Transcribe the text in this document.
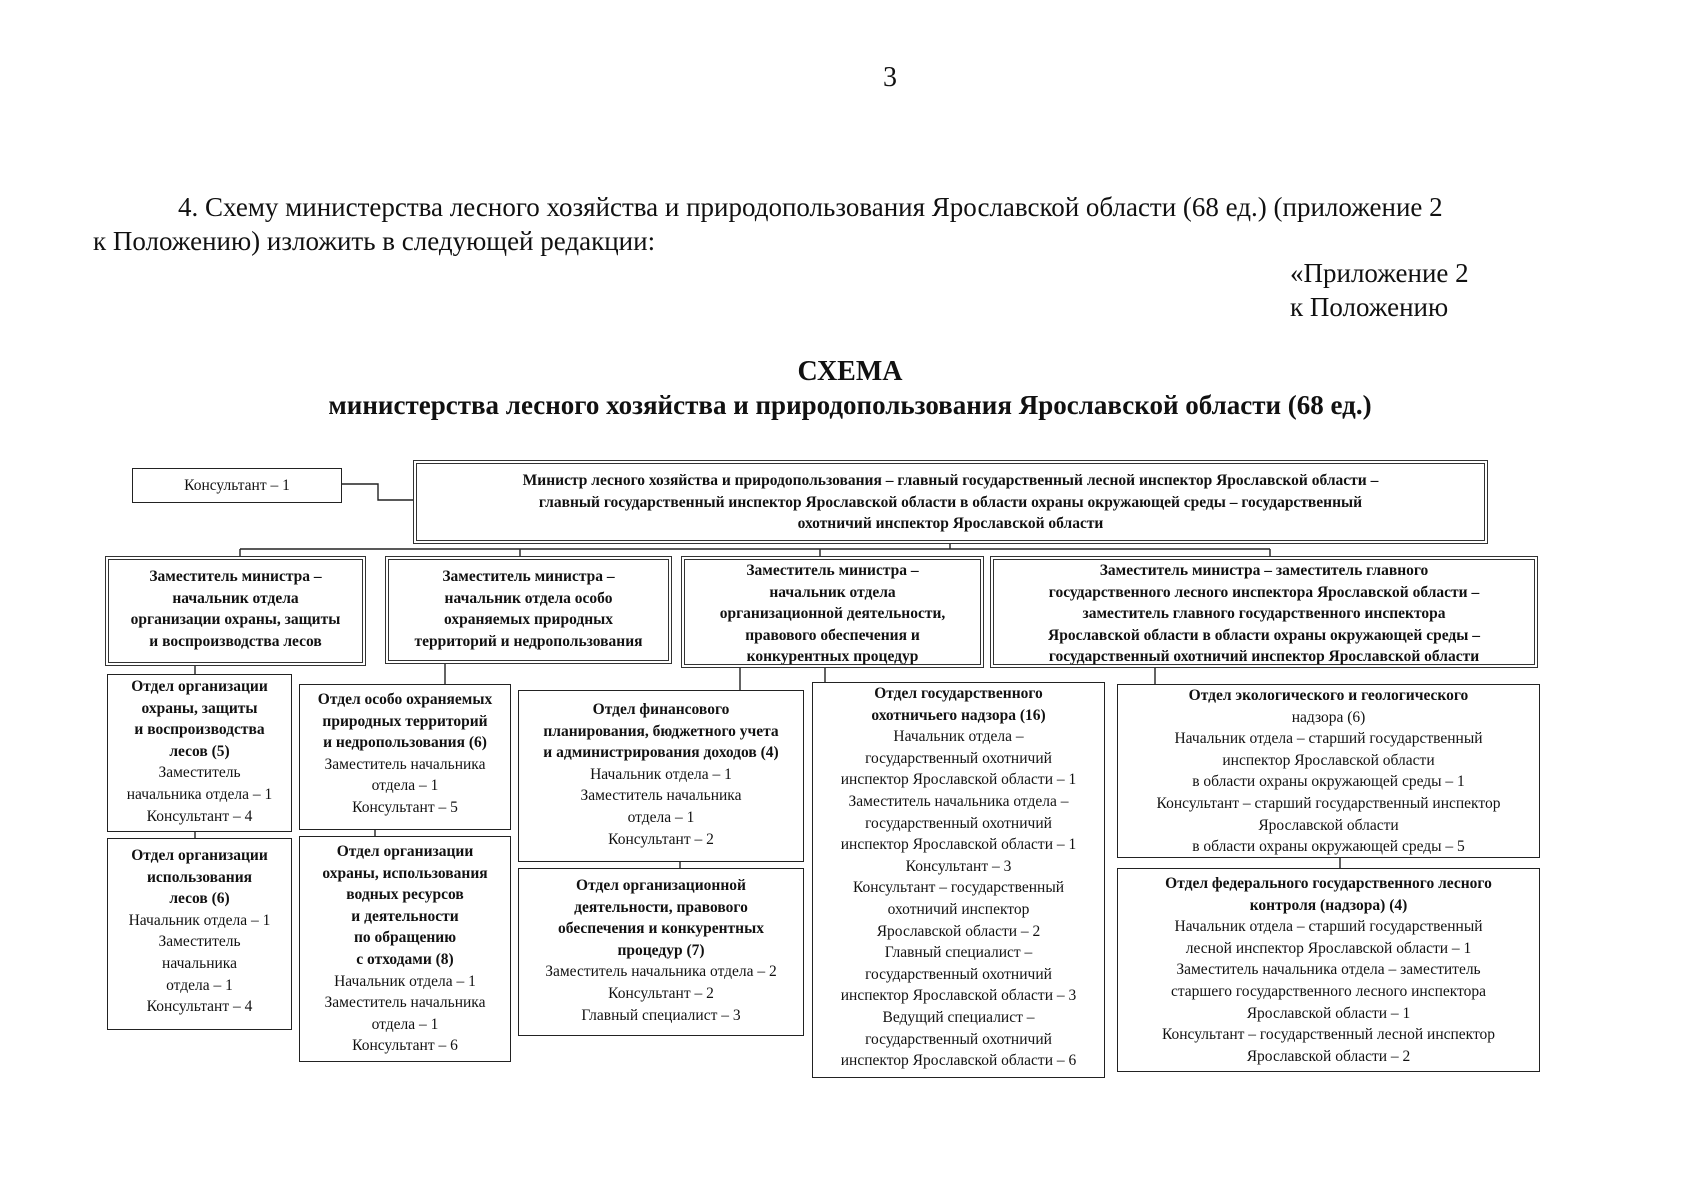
3
4. Схему министерства лесного хозяйства и природопользования Ярославской области (68 ед.) (приложение 2
к Положению) изложить в следующей редакции:
«Приложение 2
к Положению
СХЕМА
министерства лесного хозяйства и природопользования Ярославской области (68 ед.)
Консультант – 1	Министр лесного хозяйства и природопользования – главный государственный лесной инспектор Ярославской области –
главный государственный инспектор Ярославской области в области охраны окружающей среды – государственный
охотничий инспектор Ярославской области
Заместитель министра –
начальник отдела
организации охраны, защиты
и воспроизводства лесов
Заместитель министра –
начальник отдела особо
охраняемых природных
территорий и недропользования
Заместитель министра –
начальник отдела
организационной деятельности,
правового обеспечения и
конкурентных процедур
Заместитель министра – заместитель главного
государственного лесного инспектора Ярославской области –
заместитель главного государственного инспектора
Ярославской области в области охраны окружающей среды –
государственный охотничий инспектор Ярославской области
Отдел организации
охраны, защиты
и воспроизводства
лесов (5)
Заместитель
начальника отдела – 1
Консультант – 4
Отдел организации
использования
лесов (6)
Начальник отдела – 1
Заместитель
начальника
отдела – 1
Консультант – 4
Отдел особо охраняемых
природных территорий
и недропользования (6)
Заместитель начальника
отдела – 1
Консультант – 5
Отдел организации
охраны, использования
водных ресурсов
и деятельности
по обращению
с отходами (8)
Начальник отдела – 1
Заместитель начальника
отдела – 1
Консультант – 6
Отдел финансового
планирования, бюджетного учета
и администрирования доходов (4)
Начальник отдела – 1
Заместитель начальника
отдела – 1
Консультант – 2
Отдел организационной
деятельности, правового
обеспечения и конкурентных
процедур (7)
Заместитель начальника отдела – 2
Консультант – 2
Главный специалист – 3
Отдел государственного
охотничьего надзора (16)
Начальник отдела –
государственный охотничий
инспектор Ярославской области – 1
Заместитель начальника отдела –
государственный охотничий
инспектор Ярославской области – 1
Консультант – 3
Консультант – государственный
охотничий инспектор
Ярославской области – 2
Главный специалист –
государственный охотничий
инспектор Ярославской области – 3
Ведущий специалист –
государственный охотничий
инспектор Ярославской области – 6
Отдел экологического и геологического
надзора (6)
Начальник отдела – старший государственный
инспектор Ярославской области
в области охраны окружающей среды – 1
Консультант – старший государственный инспектор
Ярославской области
в области охраны окружающей среды – 5
Отдел федерального государственного лесного
контроля (надзора) (4)
Начальник отдела – старший государственный
лесной инспектор Ярославской области – 1
Заместитель начальника отдела – заместитель
старшего государственного лесного инспектора
Ярославской области – 1
Консультант – государственный лесной инспектор
Ярославской области – 2
